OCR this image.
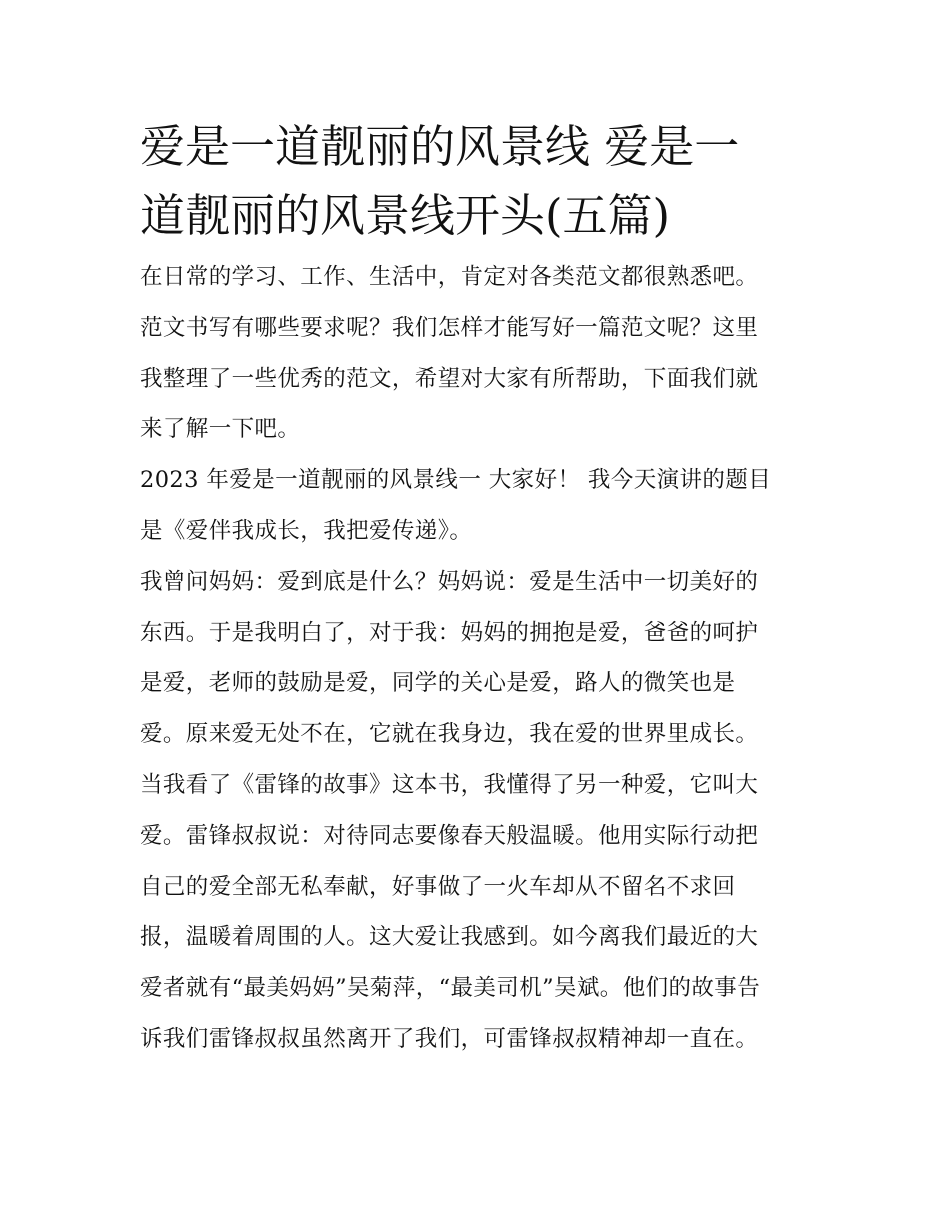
爱是一道靓丽的风景线 爱是一

道靓丽的风景线开头(五篇)

在日常的学习、工作、生活中，肯定对各类范文都很熟悉吧。

范文书写有哪些要求呢？我们怎样才能写好一篇范文呢？这里

我整理了一些优秀的范文，希望对大家有所帮助，下面我们就

来了解一下吧。

2023 年爱是一道靓丽的风景线一 大家好！ 我今天演讲的题目

是《爱伴我成长，我把爱传递》。

我曾问妈妈：爱到底是什么？妈妈说：爱是生活中一切美好的

东西。于是我明白了，对于我：妈妈的拥抱是爱，爸爸的呵护

是爱，老师的鼓励是爱，同学的关心是爱，路人的微笑也是

爱。原来爱无处不在，它就在我身边，我在爱的世界里成长。

当我看了《雷锋的故事》这本书，我懂得了另一种爱，它叫大

爱。雷锋叔叔说：对待同志要像春天般温暖。他用实际行动把

自己的爱全部无私奉献，好事做了一火车却从不留名不求回

报，温暖着周围的人。这大爱让我感到。如今离我们最近的大

爱者就有“最美妈妈”吴菊萍，“最美司机”吴斌。他们的故事告

诉我们雷锋叔叔虽然离开了我们，可雷锋叔叔精神却一直在。
